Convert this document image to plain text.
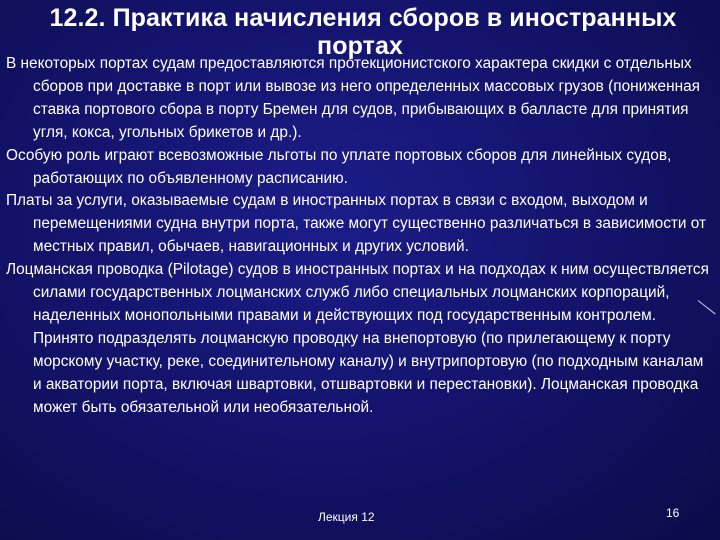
12.2. Практика начисления сборов в иностранных
портах

В некоторых портах судам предоставляются протекционистского характера скидки с отдельных сборов при доставке в порт или вывозе из него определенных массовых грузов (пониженная ставка портового сбора в порту Бремен для судов, прибывающих в балласте для принятия угля, кокса, угольных брикетов и др.).

Особую роль играют всевозможные льготы по уплате портовых сборов для линейных судов, работающих по объявленному расписанию.

Платы за услуги, оказываемые судам в иностранных портах в связи с входом, выходом и перемещениями судна внутри порта, также могут существенно различаться в зависимости от местных правил, обычаев, навигационных и других условий.

Лоцманская проводка (Pilotage) судов в иностранных портах и на подходах к ним осуществляется силами государственных лоцманских служб либо специальных лоцманских корпораций, наделенных монопольными правами и действующих под государственным контролем. Принято подразделять лоцманскую проводку на внепортовую (по прилегающему к порту морскому участку, реке, соединительному каналу) и внутрипортовую (по подходным каналам и акватории порта, включая швартовки, отшвартовки и перестановки). Лоцманская проводка может быть обязательной или необязательной.

Лекция 12	16
